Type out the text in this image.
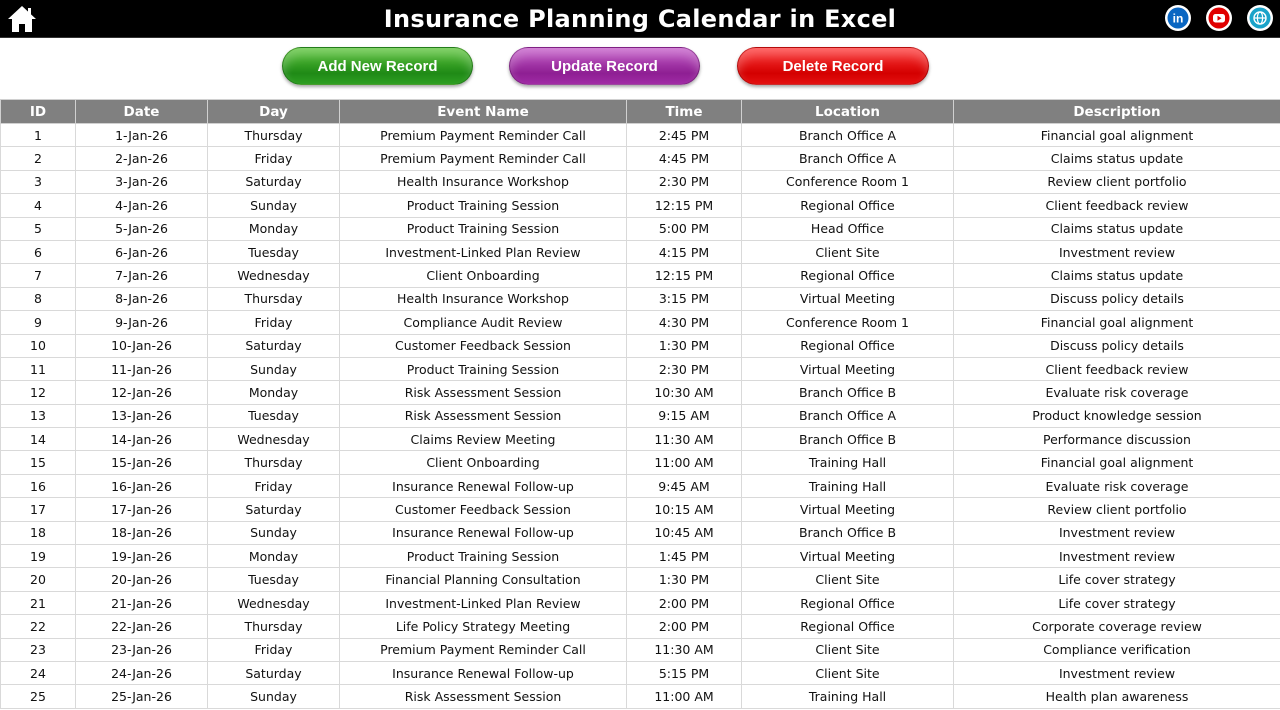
Insurance Planning Calendar in Excel	in
Add New Record	Update Record	Delete Record
ID	Date	Day	Event Name	Time	Location	Description
1	1-Jan-26	Thursday	Premium Payment Reminder Call	2:45 PM	Branch Office A	Financial goal alignment
2	2-Jan-26	Friday	Premium Payment Reminder Call	4:45 PM	Branch Office A	Claims status update
3	3-Jan-26	Saturday	Health Insurance Workshop	2:30 PM	Conference Room 1	Review client portfolio
4	4-Jan-26	Sunday	Product Training Session	12:15 PM	Regional Office	Client feedback review
5	5-Jan-26	Monday	Product Training Session	5:00 PM	Head Office	Claims status update
6	6-Jan-26	Tuesday	Investment-Linked Plan Review	4:15 PM	Client Site	Investment review
7	7-Jan-26	Wednesday	Client Onboarding	12:15 PM	Regional Office	Claims status update
8	8-Jan-26	Thursday	Health Insurance Workshop	3:15 PM	Virtual Meeting	Discuss policy details
9	9-Jan-26	Friday	Compliance Audit Review	4:30 PM	Conference Room 1	Financial goal alignment
10	10-Jan-26	Saturday	Customer Feedback Session	1:30 PM	Regional Office	Discuss policy details
11	11-Jan-26	Sunday	Product Training Session	2:30 PM	Virtual Meeting	Client feedback review
12	12-Jan-26	Monday	Risk Assessment Session	10:30 AM	Branch Office B	Evaluate risk coverage
13	13-Jan-26	Tuesday	Risk Assessment Session	9:15 AM	Branch Office A	Product knowledge session
14	14-Jan-26	Wednesday	Claims Review Meeting	11:30 AM	Branch Office B	Performance discussion
15	15-Jan-26	Thursday	Client Onboarding	11:00 AM	Training Hall	Financial goal alignment
16	16-Jan-26	Friday	Insurance Renewal Follow-up	9:45 AM	Training Hall	Evaluate risk coverage
17	17-Jan-26	Saturday	Customer Feedback Session	10:15 AM	Virtual Meeting	Review client portfolio
18	18-Jan-26	Sunday	Insurance Renewal Follow-up	10:45 AM	Branch Office B	Investment review
19	19-Jan-26	Monday	Product Training Session	1:45 PM	Virtual Meeting	Investment review
20	20-Jan-26	Tuesday	Financial Planning Consultation	1:30 PM	Client Site	Life cover strategy
21	21-Jan-26	Wednesday	Investment-Linked Plan Review	2:00 PM	Regional Office	Life cover strategy
22	22-Jan-26	Thursday	Life Policy Strategy Meeting	2:00 PM	Regional Office	Corporate coverage review
23	23-Jan-26	Friday	Premium Payment Reminder Call	11:30 AM	Client Site	Compliance verification
24	24-Jan-26	Saturday	Insurance Renewal Follow-up	5:15 PM	Client Site	Investment review
25	25-Jan-26	Sunday	Risk Assessment Session	11:00 AM	Training Hall	Health plan awareness
